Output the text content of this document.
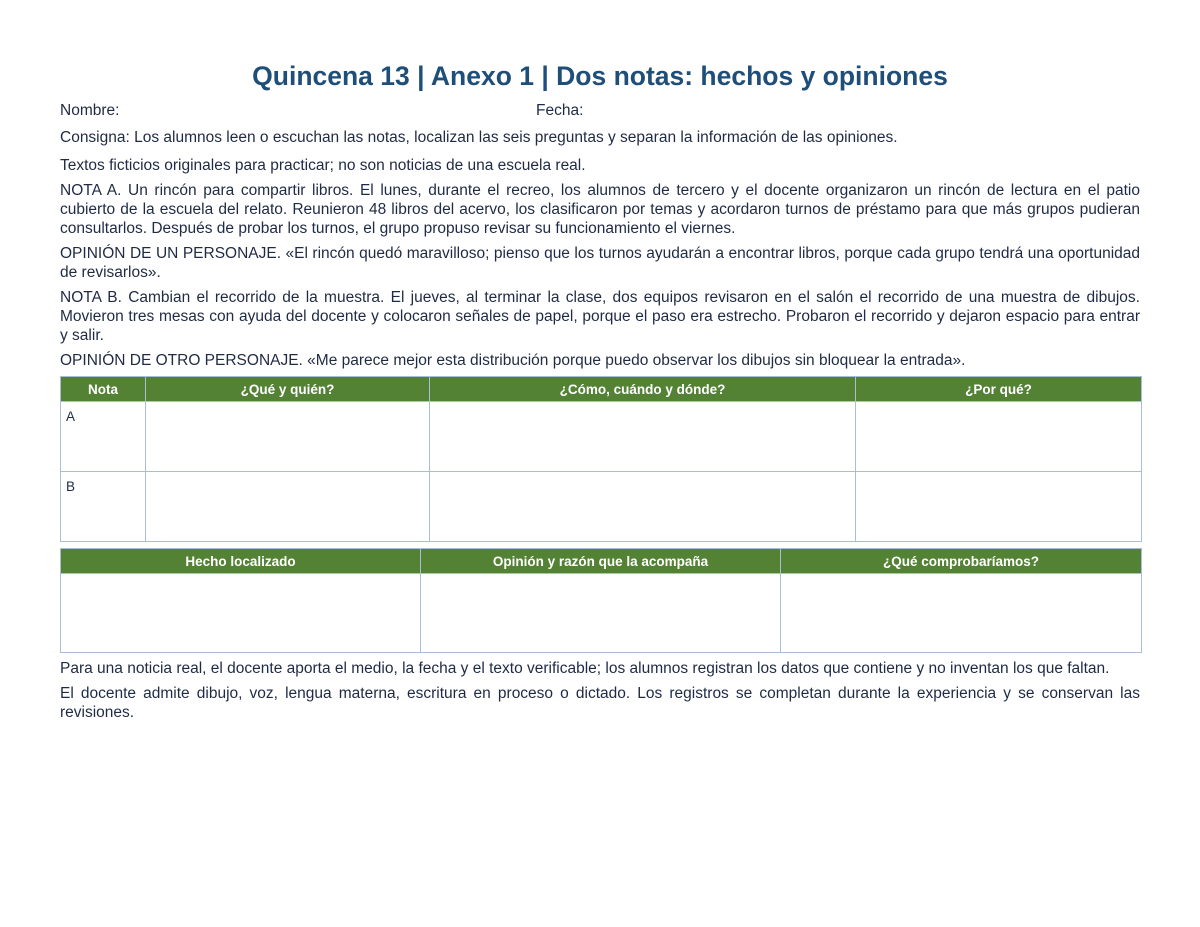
Quincena 13 | Anexo 1 | Dos notas: hechos y opiniones
Nombre:	Fecha:

Consigna: Los alumnos leen o escuchan las notas, localizan las seis preguntas y separan la información de las opiniones.

Textos ficticios originales para practicar; no son noticias de una escuela real.

NOTA A. Un rincón para compartir libros. El lunes, durante el recreo, los alumnos de tercero y el docente organizaron un rincón de lectura en el patio cubierto de la escuela del relato. Reunieron 48 libros del acervo, los clasificaron por temas y acordaron turnos de préstamo para que más grupos pudieran consultarlos. Después de probar los turnos, el grupo propuso revisar su funcionamiento el viernes.

OPINIÓN DE UN PERSONAJE. «El rincón quedó maravilloso; pienso que los turnos ayudarán a encontrar libros, porque cada grupo tendrá una oportunidad de revisarlos».

NOTA B. Cambian el recorrido de la muestra. El jueves, al terminar la clase, dos equipos revisaron en el salón el recorrido de una muestra de dibujos. Movieron tres mesas con ayuda del docente y colocaron señales de papel, porque el paso era estrecho. Probaron el recorrido y dejaron espacio para entrar y salir.

OPINIÓN DE OTRO PERSONAJE. «Me parece mejor esta distribución porque puedo observar los dibujos sin bloquear la entrada».

Nota	¿Qué y quién?	¿Cómo, cuándo y dónde?	¿Por qué?
A			
B			
Hecho localizado	Opinión y razón que la acompaña	¿Qué comprobaríamos?

Para una noticia real, el docente aporta el medio, la fecha y el texto verificable; los alumnos registran los datos que contiene y no inventan los que faltan.

El docente admite dibujo, voz, lengua materna, escritura en proceso o dictado. Los registros se completan durante la experiencia y se conservan las revisiones.
